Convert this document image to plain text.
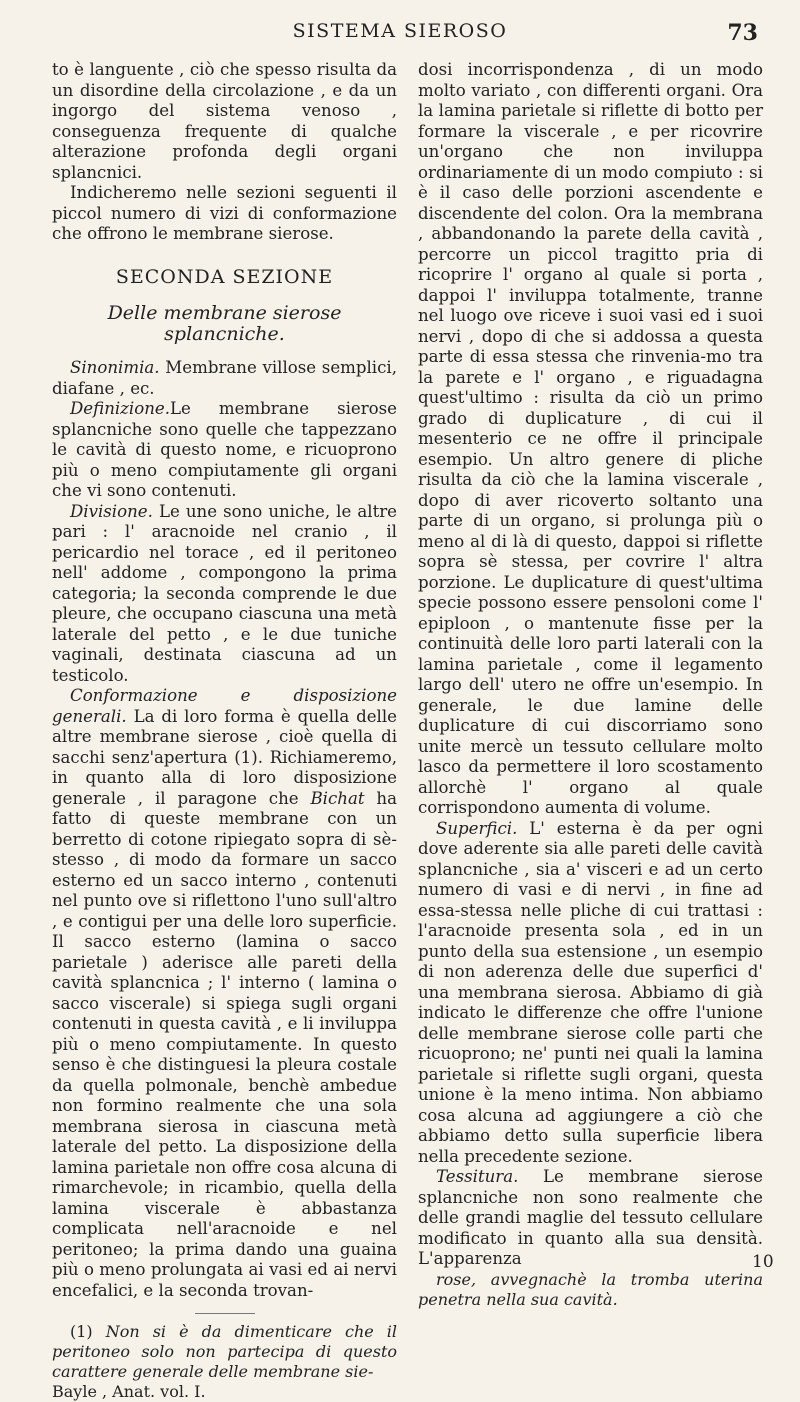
SISTEMA SIEROSO	73

to è languente , ciò che spesso risulta da un disordine della circolazione , e da un ingorgo del sistema venoso , conseguenza frequente di qualche alterazione profonda degli organi splancnici.

Indicheremo nelle sezioni seguenti il piccol numero di vizi di conformazione che offrono le membrane sierose.

SECONDA SEZIONE
Delle membrane sierose splancniche.

Sinonimia. Membrane villose semplici, diafane , ec.

Definizione.Le membrane sierose splancniche sono quelle che tappezzano le cavità di questo nome, e ricuoprono più o meno compiutamente gli organi che vi sono contenuti.

Divisione. Le une sono uniche, le altre pari : l' aracnoide nel cranio , il pericardio nel torace , ed il peritoneo nell' addome , compongono la prima categoria; la seconda comprende le due pleure, che occupano ciascuna una metà laterale del petto , e le due tuniche vaginali, destinata ciascuna ad un testicolo.

Conformazione e disposizione generali. La di loro forma è quella delle altre membrane sierose , cioè quella di sacchi senz'apertura (1). Richiameremo, in quanto alla di loro disposizione generale , il paragone che Bichat ha fatto di queste membrane con un berretto di cotone ripiegato sopra di sè-stesso , di modo da formare un sacco esterno ed un sacco interno , contenuti nel punto ove si riflettono l'uno sull'altro , e contigui per una delle loro superficie. Il sacco esterno (lamina o sacco parietale ) aderisce alle pareti della cavità splancnica ; l' interno ( lamina o sacco viscerale) si spiega sugli organi contenuti in questa cavità , e li inviluppa più o meno compiutamente. In questo senso è che distinguesi la pleura costale da quella polmonale, benchè ambedue non formino realmente che una sola membrana sierosa in ciascuna metà laterale del petto. La disposizione della lamina parietale non offre cosa alcuna di rimarchevole; in ricambio, quella della lamina viscerale è abbastanza complicata nell'aracnoide e nel peritoneo; la prima dando una guaina più o meno prolungata ai vasi ed ai nervi encefalici, e la seconda trovan-

(1) Non si è da dimenticare che il peritoneo solo non partecipa di questo carattere generale delle membrane sie-
Bayle , Anat. vol. I.

dosi incorrispondenza , di un modo molto variato , con differenti organi. Ora la lamina parietale si riflette di botto per formare la viscerale , e per ricovrire un'organo che non inviluppa ordinariamente di un modo compiuto : si è il caso delle porzioni ascendente e discendente del colon. Ora la membrana , abbandonando la parete della cavità , percorre un piccol tragitto pria di ricoprire l' organo al quale si porta , dappoi l' inviluppa totalmente, tranne nel luogo ove riceve i suoi vasi ed i suoi nervi , dopo di che si addossa a questa parte di essa stessa che rinvenia-mo tra la parete e l' organo , e riguadagna quest'ultimo : risulta da ciò un primo grado di duplicature , di cui il mesenterio ce ne offre il principale esempio. Un altro genere di pliche risulta da ciò che la lamina viscerale , dopo di aver ricoverto soltanto una parte di un organo, si prolunga più o meno al di là di questo, dappoi si riflette sopra sè stessa, per covrire l' altra porzione. Le duplicature di quest'ultima specie possono essere pensoloni come l' epiploon , o mantenute fisse per la continuità delle loro parti laterali con la lamina parietale , come il legamento largo dell' utero ne offre un'esempio. In generale, le due lamine delle duplicature di cui discorriamo sono unite mercè un tessuto cellulare molto lasco da permettere il loro scostamento allorchè l' organo al quale corrispondono aumenta di volume.

Superfici. L' esterna è da per ogni dove aderente sia alle pareti delle cavità splancniche , sia a' visceri e ad un certo numero di vasi e di nervi , in fine ad essa-stessa nelle pliche di cui trattasi : l'aracnoide presenta sola , ed in un punto della sua estensione , un esempio di non aderenza delle due superfici d' una membrana sierosa. Abbiamo di già indicato le differenze che offre l'unione delle membrane sierose colle parti che ricuoprono; ne' punti nei quali la lamina parietale si riflette sugli organi, questa unione è la meno intima. Non abbiamo cosa alcuna ad aggiungere a ciò che abbiamo detto sulla superficie libera nella precedente sezione.

Tessitura. Le membrane sierose splancniche non sono realmente che delle grandi maglie del tessuto cellulare modificato in quanto alla sua densità. L'apparenza

rose, avvegnachè la tromba uterina penetra nella sua cavità.

10
